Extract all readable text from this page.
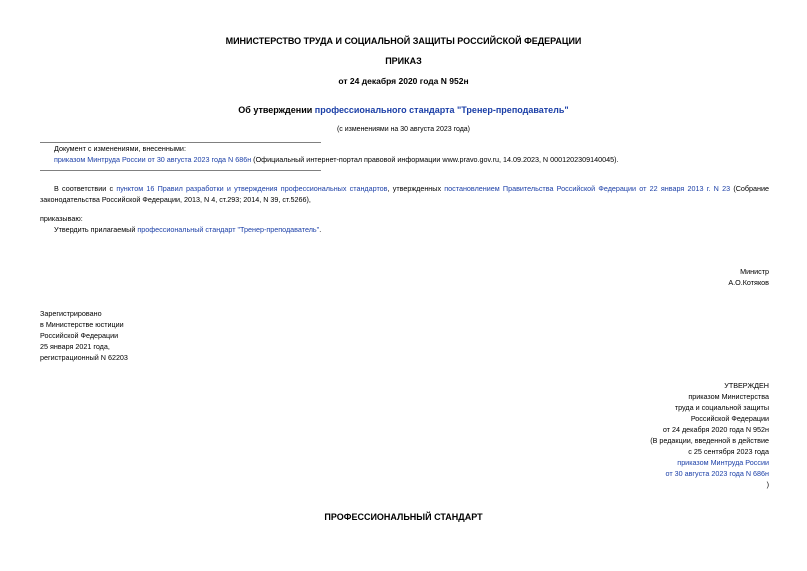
МИНИСТЕРСТВО ТРУДА И СОЦИАЛЬНОЙ ЗАЩИТЫ РОССИЙСКОЙ ФЕДЕРАЦИИ
ПРИКАЗ
от 24 декабря 2020 года N 952н
Об утверждении профессионального стандарта "Тренер-преподаватель"
(с изменениями на 30 августа 2023 года)
Документ с изменениями, внесенными:
приказом Минтруда России от 30 августа 2023 года N 686н (Официальный интернет-портал правовой информации www.pravo.gov.ru, 14.09.2023, N 0001202309140045).
В соответствии с пунктом 16 Правил разработки и утверждения профессиональных стандартов, утвержденных постановлением Правительства Российской Федерации от 22 января 2013 г. N 23 (Собрание законодательства Российской Федерации, 2013, N 4, ст.293; 2014, N 39, ст.5266),
приказываю:
Утвердить прилагаемый профессиональный стандарт "Тренер-преподаватель".
Министр
А.О.Котяков
Зарегистрировано
в Министерстве юстиции
Российской Федерации
25 января 2021 года,
регистрационный N 62203
УТВЕРЖДЕН
приказом Министерства
труда и социальной защиты
Российской Федерации
от 24 декабря 2020 года N 952н
(В редакции, введенной в действие
с 25 сентября 2023 года
приказом Минтруда России
от 30 августа 2023 года N 686н
)
ПРОФЕССИОНАЛЬНЫЙ СТАНДАРТ
